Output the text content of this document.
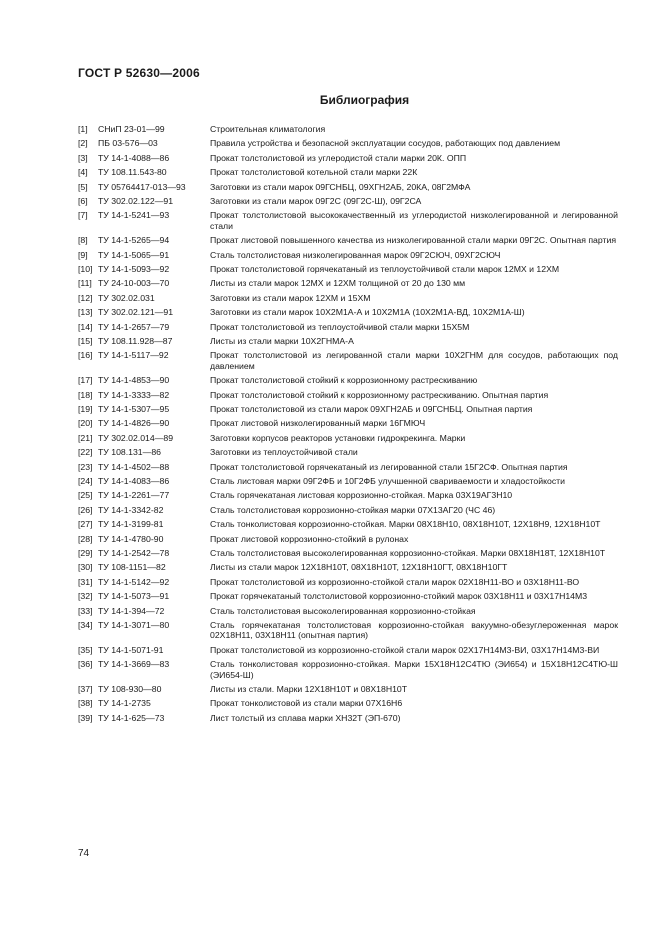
ГОСТ Р 52630—2006
Библиография
[1]	СНиП 23-01—99	Строительная климатология
[2]	ПБ 03-576—03	Правила устройства и безопасной эксплуатации сосудов, работающих под давлением
[3]	ТУ 14-1-4088—86	Прокат толстолистовой из углеродистой стали марки 20К. ОПП
[4]	ТУ 108.11.543-80	Прокат толстолистовой котельной стали марки 22К
[5]	ТУ 05764417-013—93	Заготовки из стали марок 09ГСНБЦ, 09ХГН2АБ, 20КА, 08Г2МФА
[6]	ТУ 302.02.122—91	Заготовки из стали марок 09Г2С (09Г2С-Ш), 09Г2СА
[7]	ТУ 14-1-5241—93	Прокат толстолистовой высококачественный из углеродистой низколегированной и легированной стали
[8]	ТУ 14-1-5265—94	Прокат листовой повышенного качества из низколегированной стали марки 09Г2С. Опытная партия
[9]	ТУ 14-1-5065—91	Сталь толстолистовая низколегированная марок 09Г2СЮЧ, 09ХГ2СЮЧ
[10] ТУ 14-1-5093—92	Прокат толстолистовой горячекатаный из теплоустойчивой стали марок 12МХ и 12ХМ
[11] ТУ 24-10-003—70	Листы из стали марок 12МХ и 12ХМ толщиной от 20 до 130 мм
[12] ТУ 302.02.031	Заготовки из стали марок 12ХМ и 15ХМ
[13] ТУ 302.02.121—91	Заготовки из стали марок 10Х2М1А-А и 10Х2М1А (10Х2М1А-ВД, 10Х2М1А-Ш)
[14] ТУ 14-1-2657—79	Прокат толстолистовой из теплоустойчивой стали марки 15Х5М
[15] ТУ 108.11.928—87	Листы из стали марки 10Х2ГНМА-А
[16] ТУ 14-1-5117—92	Прокат толстолистовой из легированной стали марки 10Х2ГНМ для сосудов, работающих под давлением
[17] ТУ 14-1-4853—90	Прокат толстолистовой стойкий к коррозионному растрескиванию
[18] ТУ 14-1-3333—82	Прокат толстолистовой стойкий к коррозионному растрескиванию. Опытная партия
[19] ТУ 14-1-5307—95	Прокат толстолистовой из стали марок 09ХГН2АБ и 09ГСНБЦ. Опытная партия
[20] ТУ 14-1-4826—90	Прокат листовой низколегированный марки 16ГМЮЧ
[21] ТУ 302.02.014—89	Заготовки корпусов реакторов установки гидрокрекинга. Марки
[22] ТУ 108.131—86	Заготовки из теплоустойчивой стали
[23] ТУ 14-1-4502—88	Прокат толстолистовой горячекатаный из легированной стали 15Г2СФ. Опытная партия
[24] ТУ 14-1-4083—86	Сталь листовая марки 09Г2ФБ и 10Г2ФБ улучшенной свариваемости и хладостойкости
[25] ТУ 14-1-2261—77	Сталь горячекатаная листовая коррозионно-стойкая. Марка 03Х19АГ3Н10
[26] ТУ 14-1-3342-82	Сталь толстолистовая коррозионно-стойкая марки 07Х13АГ20 (ЧС 46)
[27] ТУ 14-1-3199-81	Сталь тонколистовая коррозионно-стойкая. Марки 08Х18Н10, 08Х18Н10Т, 12Х18Н9, 12Х18Н10Т
[28] ТУ 14-1-4780-90	Прокат листовой коррозионно-стойкий в рулонах
[29] ТУ 14-1-2542—78	Сталь толстолистовая высоколегированная коррозионно-стойкая. Марки 08Х18Н18Т, 12Х18Н10Т
[30] ТУ 108-1151—82	Листы из стали марок 12Х18Н10Т, 08Х18Н10Т, 12Х18Н10ГТ, 08Х18Н10ГТ
[31] ТУ 14-1-5142—92	Прокат толстолистовой из коррозионно-стойкой стали марок 02Х18Н11-ВО и 03Х18Н11-ВО
[32] ТУ 14-1-5073—91	Прокат горячекатаный толстолистовой коррозионно-стойкий марок 03Х18Н11 и 03Х17Н14М3
[33] ТУ 14-1-394—72	Сталь толстолистовая высоколегированная коррозионно-стойкая
[34] ТУ 14-1-3071—80	Сталь горячекатаная толстолистовая коррозионно-стойкая вакуумно-обезуглероженная марок 02Х18Н11, 03Х18Н11 (опытная партия)
[35] ТУ 14-1-5071-91	Прокат толстолистовой из коррозионно-стойкой стали марок 02Х17Н14М3-ВИ, 03Х17Н14М3-ВИ
[36] ТУ 14-1-3669—83	Сталь тонколистовая коррозионно-стойкая. Марки 15Х18Н12С4ТЮ (ЭИ654) и 15Х18Н12С4ТЮ-Ш (ЭИ654-Ш)
[37] ТУ 108-930—80	Листы из стали. Марки 12Х18Н10Т и 08Х18Н10Т
[38] ТУ 14-1-2735	Прокат тонколистовой из стали марки 07Х16Н6
[39] ТУ 14-1-625—73	Лист толстый из сплава марки ХН32Т (ЭП-670)
74
